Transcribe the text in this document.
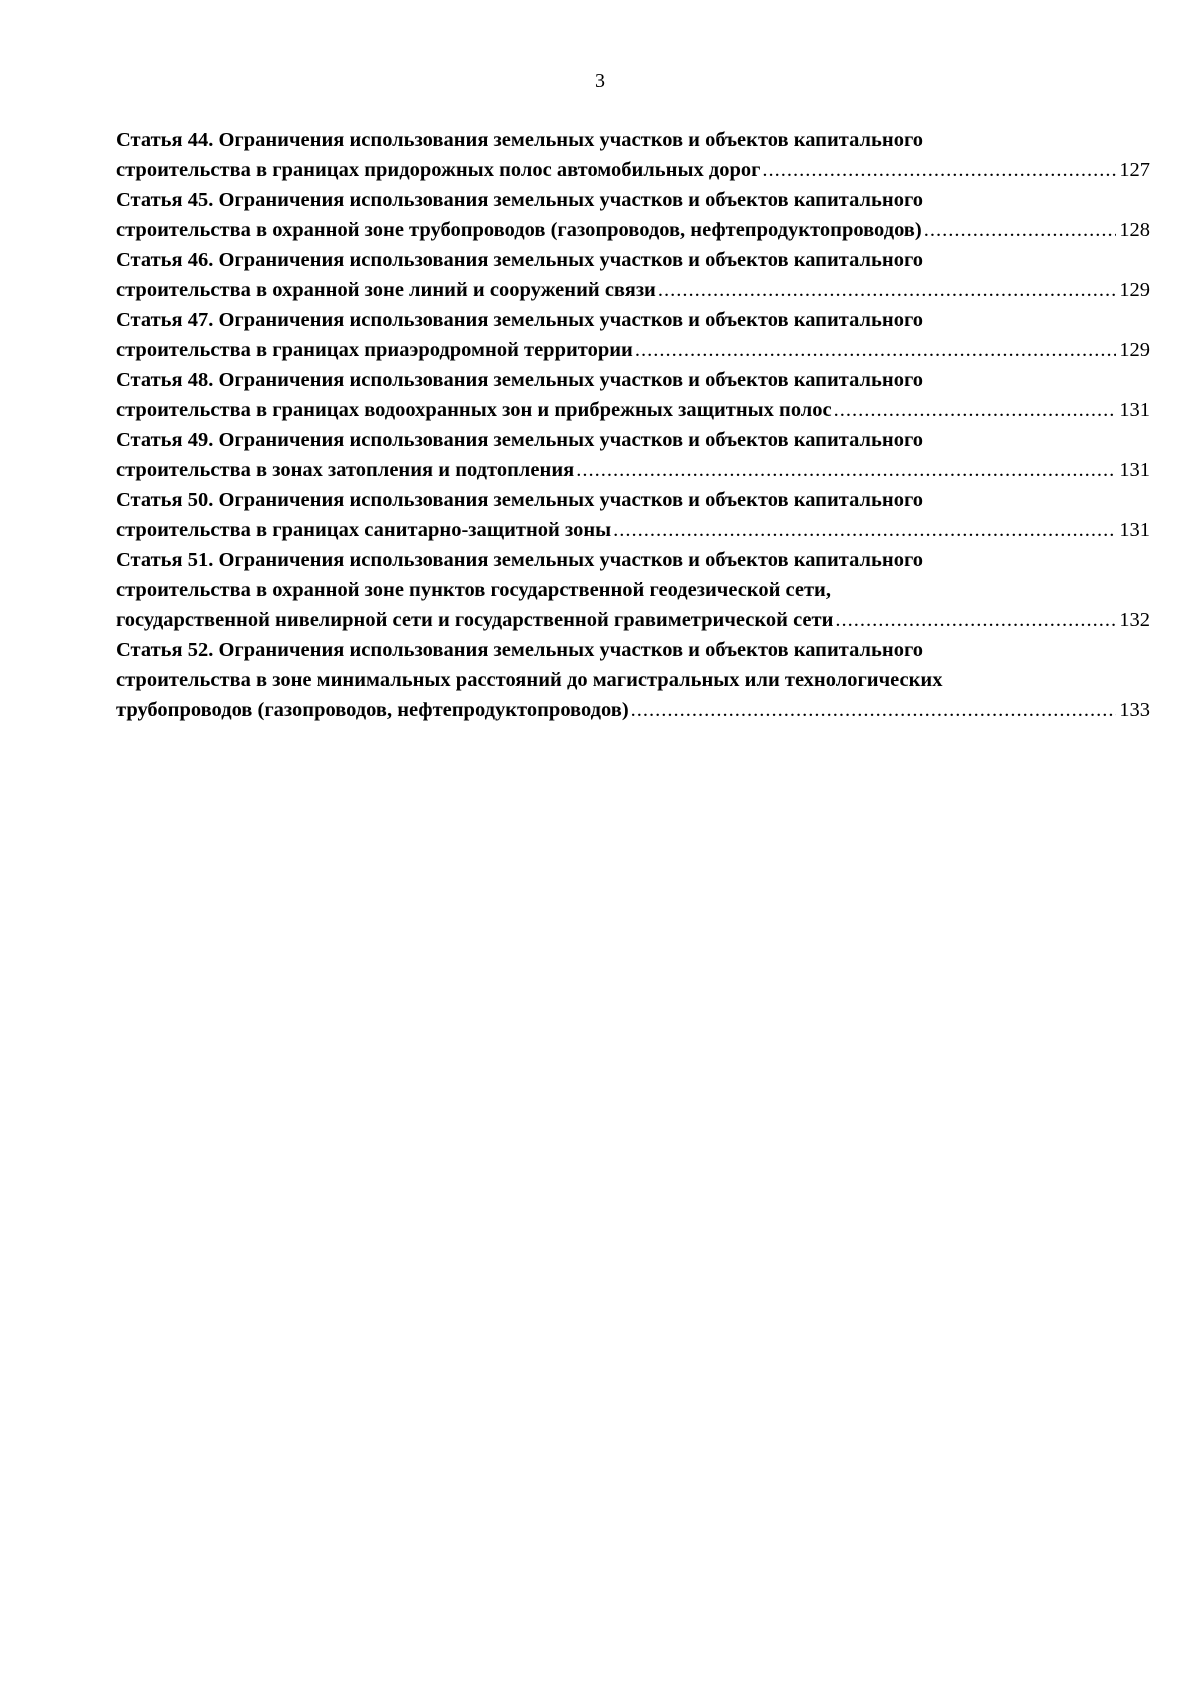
3
Статья 44. Ограничения использования земельных участков и объектов капитального
строительства в границах придорожных полос автомобильных дорог .....	127
Статья 45. Ограничения использования земельных участков и объектов капитального
строительства в охранной зоне трубопроводов (газопроводов, нефтепродуктопроводов) .....	128
Статья 46. Ограничения использования земельных участков и объектов капитального
строительства в охранной зоне линий и сооружений связи .....	129
Статья 47. Ограничения использования земельных участков и объектов капитального
строительства в границах приаэродромной территории .....	129
Статья 48. Ограничения использования земельных участков и объектов капитального
строительства в границах водоохранных зон и прибрежных защитных полос .....	131
Статья 49. Ограничения использования земельных участков и объектов капитального
строительства в зонах затопления и подтопления .....	131
Статья 50. Ограничения использования земельных участков и объектов капитального
строительства в границах санитарно-защитной зоны .....	131
Статья 51. Ограничения использования земельных участков и объектов капитального
строительства в охранной зоне пунктов государственной геодезической сети,
государственной нивелирной сети и государственной гравиметрической сети .....	132
Статья 52. Ограничения использования земельных участков и объектов капитального
строительства в зоне минимальных расстояний до магистральных или технологических
трубопроводов (газопроводов, нефтепродуктопроводов) .....	133
